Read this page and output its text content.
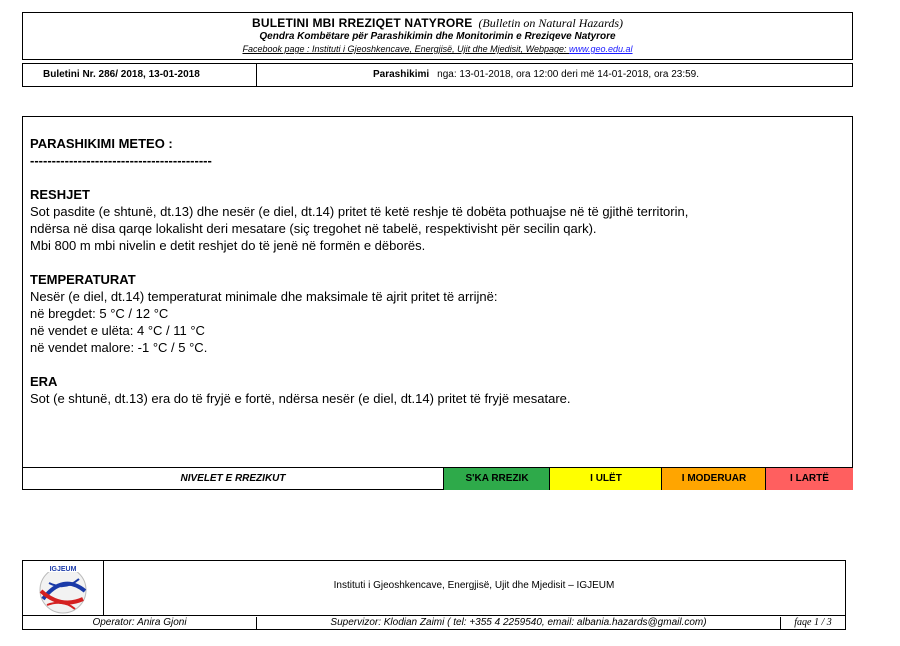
BULETINI MBI RREZIQET NATYRORE (Bulletin on Natural Hazards)
Qendra Kombëtare për Parashikimin dhe Monitorimin e Rreziqeve Natyrore
Facebook page : Instituti i Gjeoshkencave, Energjisë, Ujit dhe Mjedisit, Webpage: www.geo.edu.al
Buletini Nr. 286/ 2018, 13-01-2018	Parashikimi nga: 13-01-2018, ora 12:00 deri më 14-01-2018, ora 23:59.
PARASHIKIMI METEO :
------------------------------------------
RESHJET
Sot pasdite (e shtunë, dt.13) dhe nesër (e diel, dt.14) pritet të ketë reshje të dobëta pothuajse në të gjithë territorin,
ndërsa në disa qarqe lokalisht deri mesatare (siç tregohet në tabelë, respektivisht për secilin qark).
Mbi 800 m mbi nivelin e detit reshjet do të jenë në formën e dëborës.
TEMPERATURAT
Nesër (e diel, dt.14) temperaturat minimale dhe maksimale të ajrit pritet të arrijnë:
në bregdet: 5 °C / 12 °C
në vendet e ulëta: 4 °C / 11 °C
në vendet malore: -1 °C / 5 °C.
ERA
Sot (e shtunë, dt.13) era do të fryjë e fortë, ndërsa nesër (e diel, dt.14) pritet të fryjë mesatare.
NIVELET E RREZIKUT	S'KA RREZIK	I ULËT	I MODERUAR	I LARTË
IGJEUM
Instituti i Gjeoshkencave, Energjisë, Ujit dhe Mjedisit – IGJEUM
Operator: Anira Gjoni	Supervizor: Klodian Zaimi ( tel: +355 4 2259540, email: albania.hazards@gmail.com)	faqe 1 / 3
